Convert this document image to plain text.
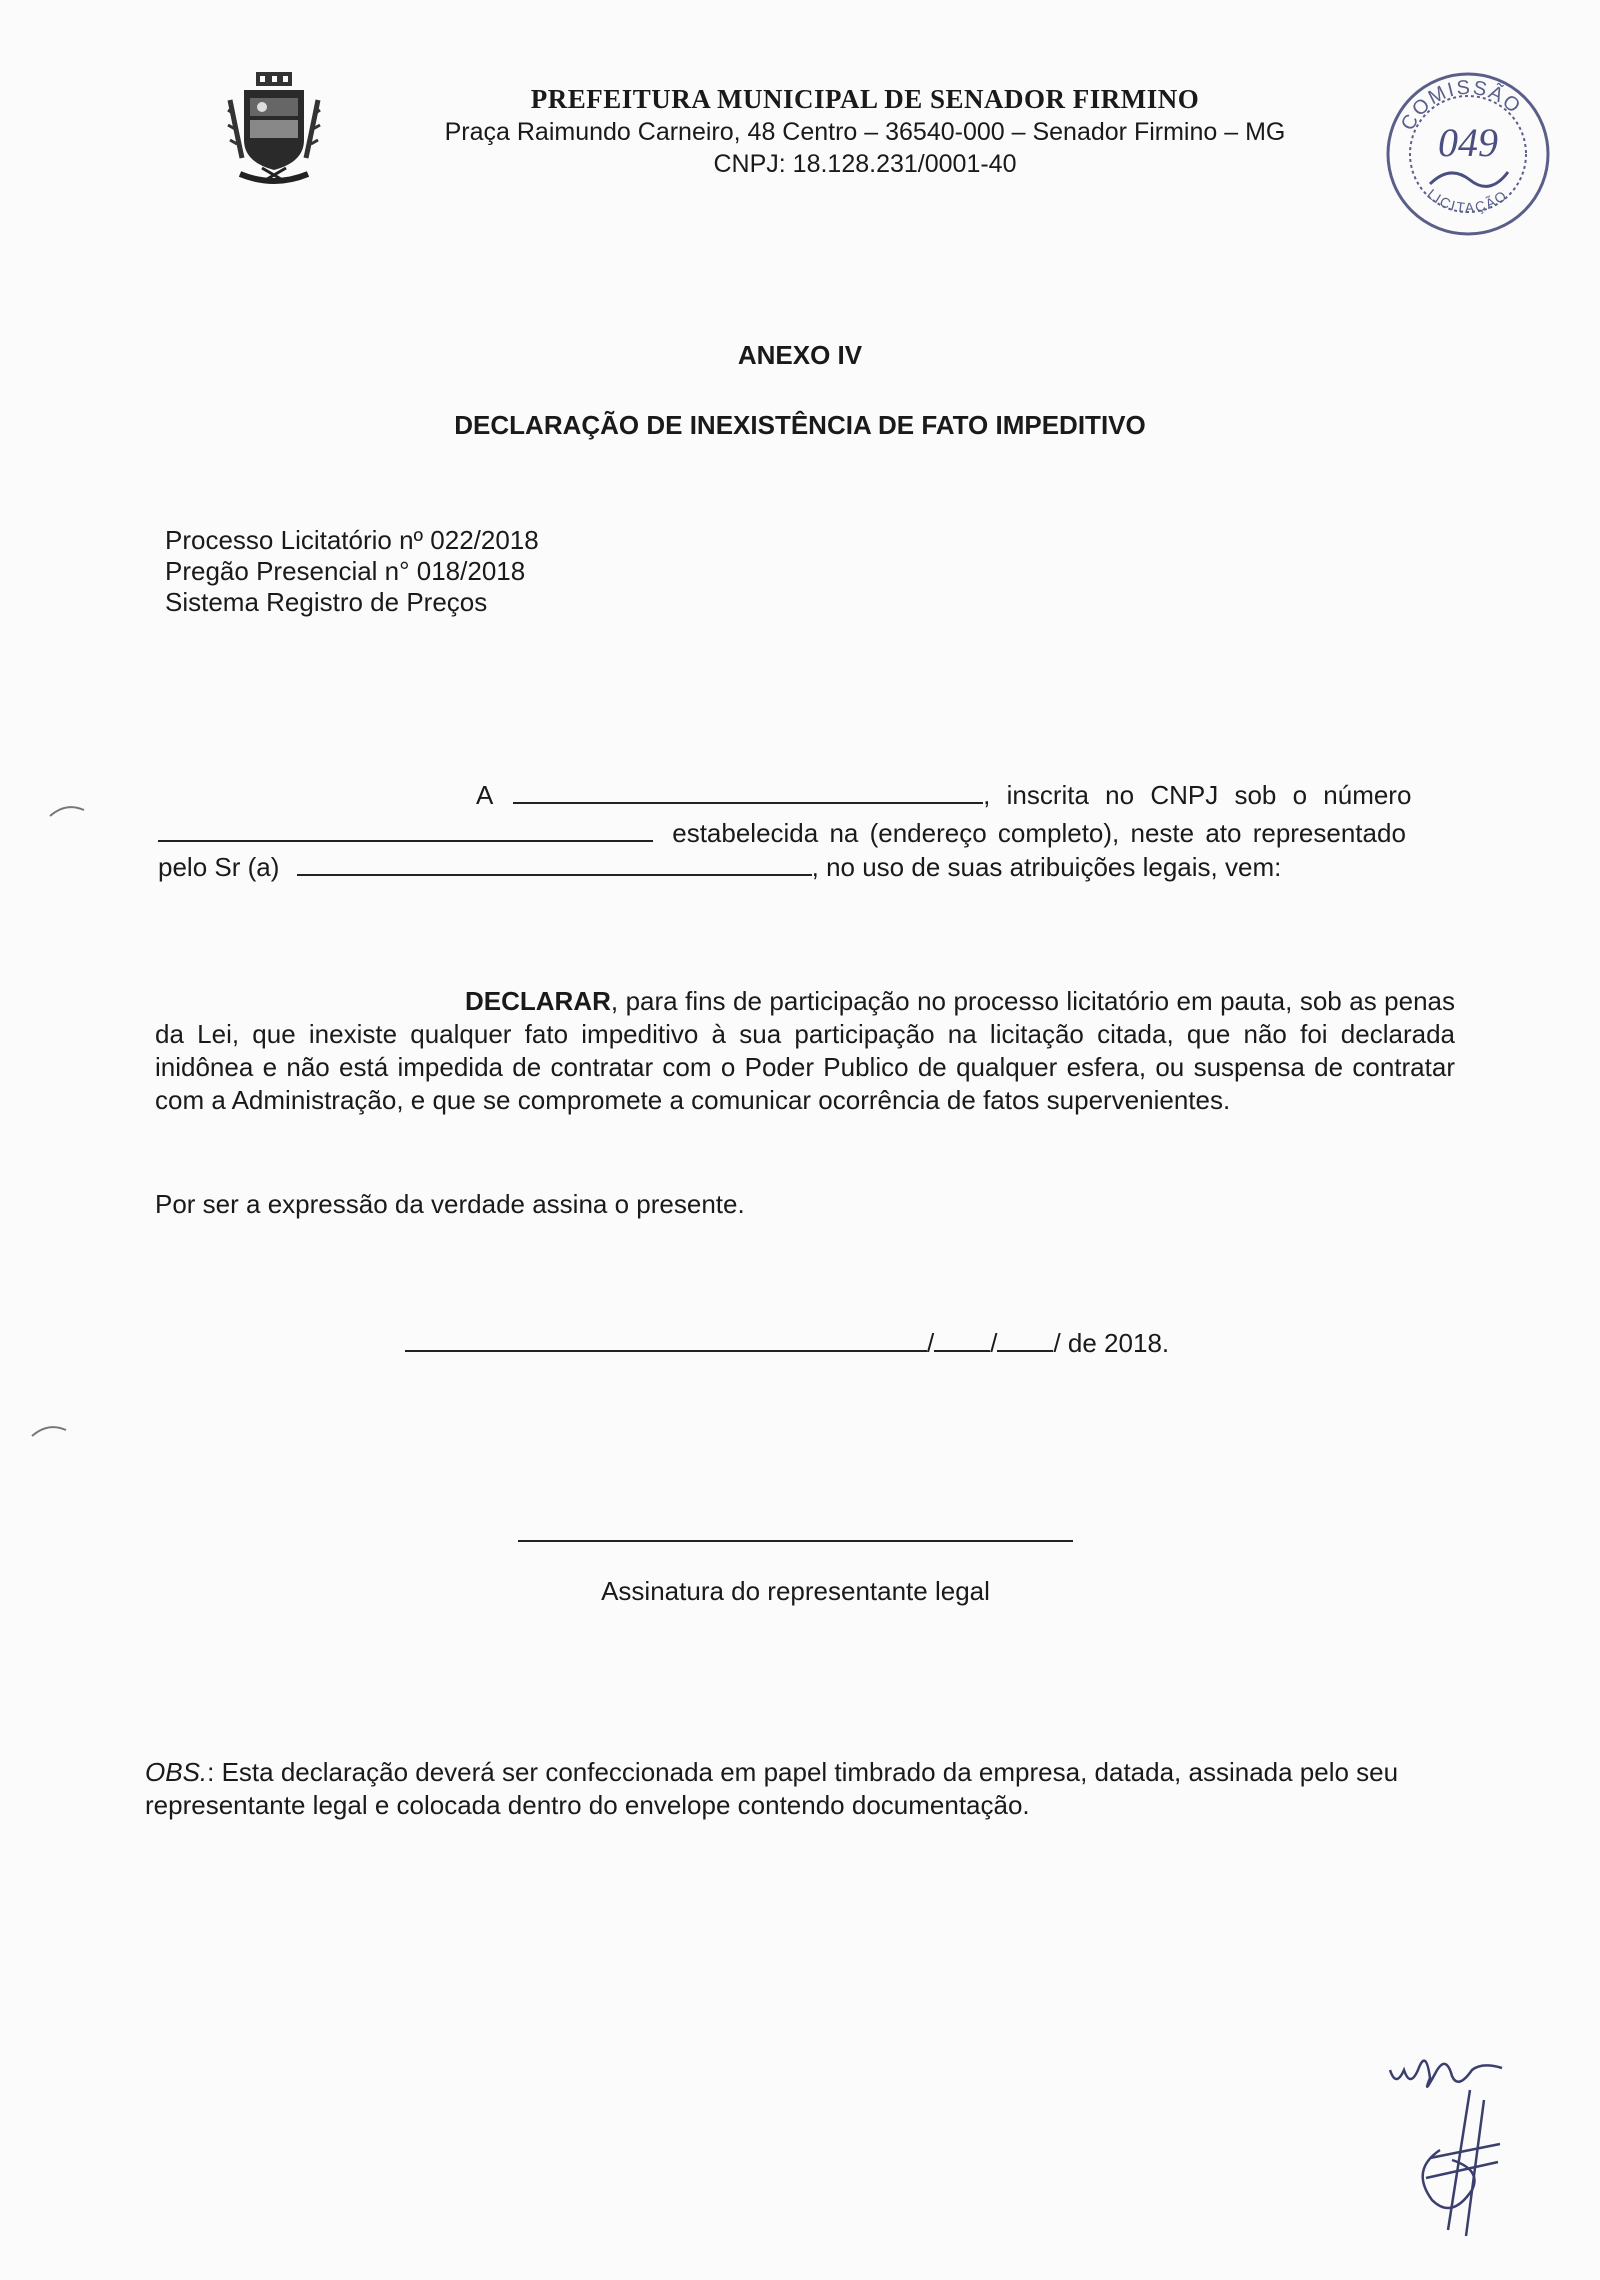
PREFEITURA MUNICIPAL DE SENADOR FIRMINO
Praça Raimundo Carneiro, 48 Centro – 36540-000 – Senador Firmino – MG
CNPJ: 18.128.231/0001-40
COMISSÃO
LICITAÇÃO
049
ANEXO IV
DECLARAÇÃO DE INEXISTÊNCIA DE FATO IMPEDITIVO
Processo Licitatório nº 022/2018
Pregão Presencial n° 018/2018
Sistema Registro de Preços
A	, inscrita no CNPJ sob o número
estabelecida na (endereço completo), neste ato representado
pelo Sr (a)	, no uso de suas atribuições legais, vem:
DECLARAR, para fins de participação no processo licitatório em pauta, sob as penas da Lei, que inexiste qualquer fato impeditivo à sua participação na licitação citada, que não foi declarada inidônea e não está impedida de contratar com o Poder Publico de qualquer esfera, ou suspensa de contratar com a Administração, e que se compromete a comunicar ocorrência de fatos supervenientes.
Por ser a expressão da verdade assina o presente.
/ / / de 2018.
Assinatura do representante legal
OBS.: Esta declaração deverá ser confeccionada em papel timbrado da empresa, datada, assinada pelo seu representante legal e colocada dentro do envelope contendo documentação.
